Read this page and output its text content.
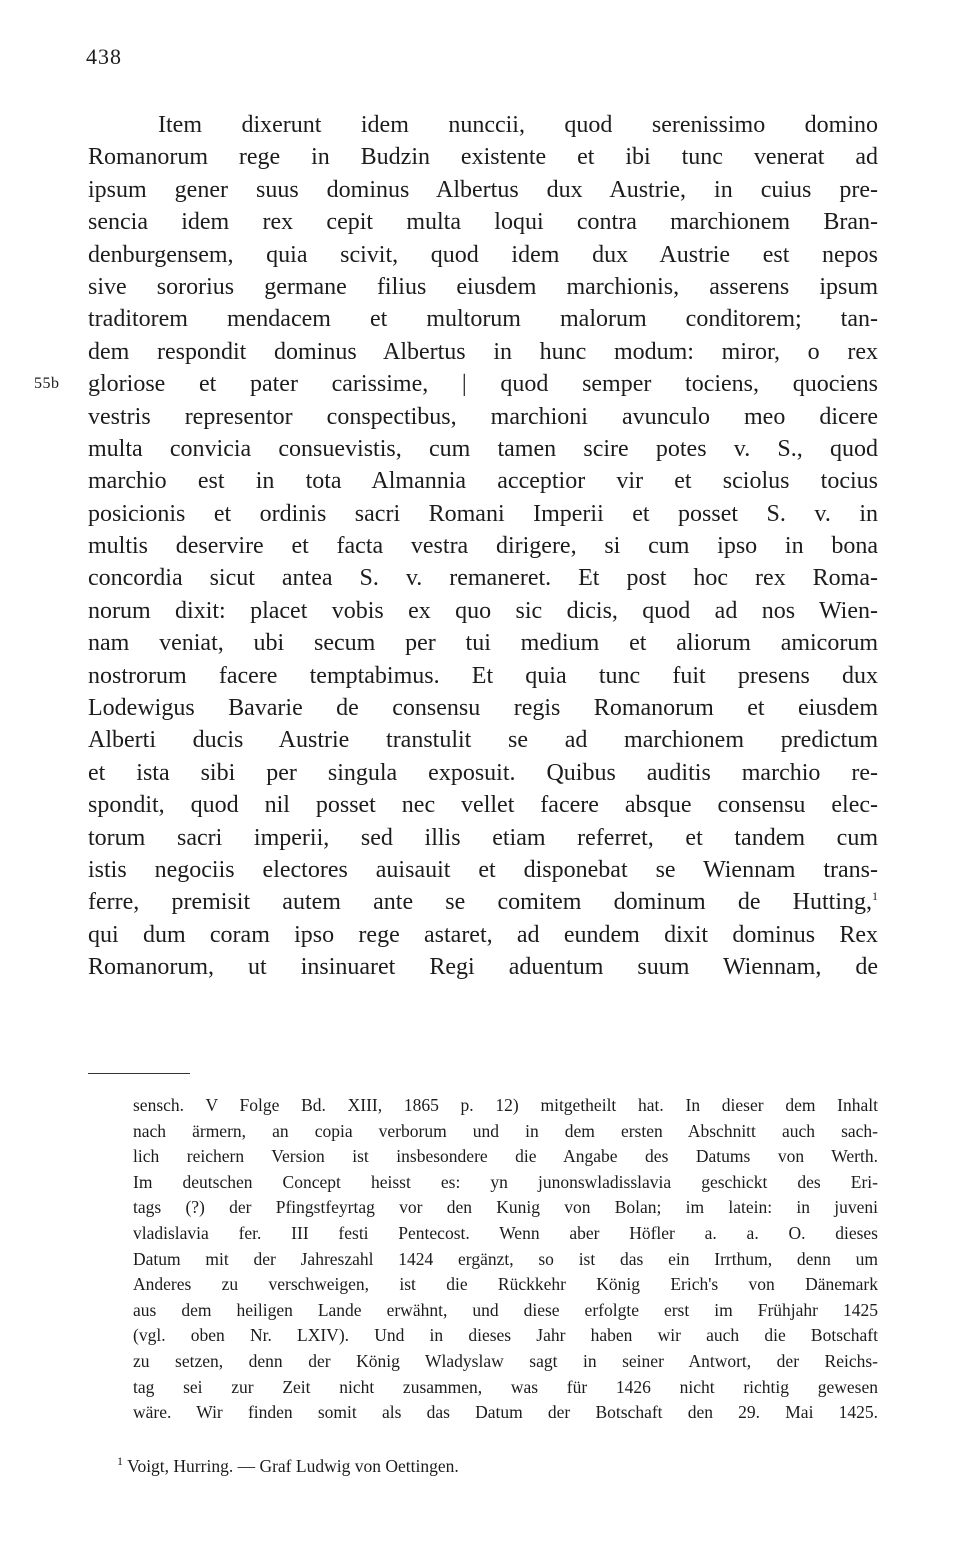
438
Item dixerunt idem nunccii, quod serenissimo domino
Romanorum rege in Budzin existente et ibi tunc venerat ad
ipsum gener suus dominus Albertus dux Austrie, in cuius pre-
sencia idem rex cepit multa loqui contra marchionem Bran-
denburgensem, quia scivit, quod idem dux Austrie est nepos
sive sororius germane filius eiusdem marchionis, asserens ipsum
traditorem mendacem et multorum malorum conditorem; tan-
dem respondit dominus Albertus in hunc modum: miror, o rex
55b gloriose et pater carissime, | quod semper tociens, quociens
vestris representor conspectibus, marchioni avunculo meo dicere
multa convicia consuevistis, cum tamen scire potes v. S., quod
marchio est in tota Almannia acceptior vir et sciolus tocius
posicionis et ordinis sacri Romani Imperii et posset S. v. in
multis deservire et facta vestra dirigere, si cum ipso in bona
concordia sicut antea S. v. remaneret. Et post hoc rex Roma-
norum dixit: placet vobis ex quo sic dicis, quod ad nos Wien-
nam veniat, ubi secum per tui medium et aliorum amicorum
nostrorum facere temptabimus. Et quia tunc fuit presens dux
Lodewigus Bavarie de consensu regis Romanorum et eiusdem
Alberti ducis Austrie transtulit se ad marchionem predictum
et ista sibi per singula exposuit. Quibus auditis marchio re-
spondit, quod nil posset nec vellet facere absque consensu elec-
torum sacri imperii, sed illis etiam referret, et tandem cum
istis negociis electores auisauit et disponebat se Wiennam trans-
ferre, premisit autem ante se comitem dominum de Hutting,$^1$
qui dum coram ipso rege astaret, ad eundem dixit dominus Rex
Romanorum, ut insinuaret Regi aduentum suum Wiennam, de
sensch. V Folge Bd. XIII, 1865 p. 12) mitgetheilt hat. In dieser dem Inhalt
nach ärmern, an copia verborum und in dem ersten Abschnitt auch sach-
lich reichern Version ist insbesondere die Angabe des Datums von Werth.
Im deutschen Concept heisst es: yn junonswladisslavia geschickt des Eri-
tags (?) der Pfingstfeyrtag vor den Kunig von Bolan; im latein: in juveni
vladislavia fer. III festi Pentecost. Wenn aber Höfler a. a. O. dieses
Datum mit der Jahreszahl 1424 ergänzt, so ist das ein Irrthum, denn um
Anderes zu verschweigen, ist die Rückkehr König Erich's von Dänemark
aus dem heiligen Lande erwähnt, und diese erfolgte erst im Frühjahr 1425
(vgl. oben Nr. LXIV). Und in dieses Jahr haben wir auch die Botschaft
zu setzen, denn der König Wladyslaw sagt in seiner Antwort, der Reichs-
tag sei zur Zeit nicht zusammen, was für 1426 nicht richtig gewesen
wäre. Wir finden somit als das Datum der Botschaft den 29. Mai 1425.
$^1$ Voigt, Hurring. — Graf Ludwig von Oettingen.
